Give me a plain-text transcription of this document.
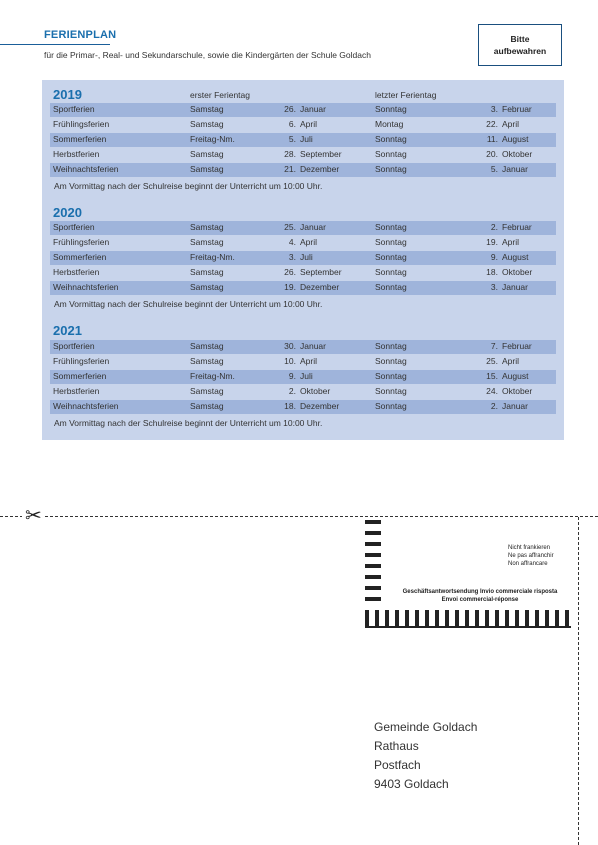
FERIENPLAN
für die Primar-, Real- und Sekundarschule, sowie die Kindergärten der Schule Goldach
Bitte
aufbewahren
2019	erster Ferientag	letzter Ferientag
2020
2021
Sportferien	Samstag	26. Januar	Sonntag	3. Februar
Frühlingsferien	Samstag	6. April	Montag	22. April
Sommerferien	Freitag-Nm.	5. Juli	Sonntag	11. August
Herbstferien	Samstag	28. September	Sonntag	20. Oktober
Weihnachtsferien	Samstag	21. Dezember	Sonntag	5. Januar
Am Vormittag nach der Schulreise beginnt der Unterricht um 10:00 Uhr.
Sportferien	Samstag	25. Januar	Sonntag	2. Februar
Frühlingsferien	Samstag	4. April	Sonntag	19. April
Sommerferien	Freitag-Nm.	3. Juli	Sonntag	9. August
Herbstferien	Samstag	26. September	Sonntag	18. Oktober
Weihnachtsferien	Samstag	19. Dezember	Sonntag	3. Januar
Am Vormittag nach der Schulreise beginnt der Unterricht um 10:00 Uhr.
Sportferien	Samstag	30. Januar	Sonntag	7. Februar
Frühlingsferien	Samstag	10. April	Sonntag	25. April
Sommerferien	Freitag-Nm.	9. Juli	Sonntag	15. August
Herbstferien	Samstag	2. Oktober	Sonntag	24. Oktober
Weihnachtsferien	Samstag	18. Dezember	Sonntag	2. Januar
Am Vormittag nach der Schulreise beginnt der Unterricht um 10:00 Uhr.
✂
Nicht frankieren
Ne pas affranchir
Non affrancare
Geschäftsantwortsendung Invio commerciale risposta
Envoi commercial-réponse
Gemeinde Goldach
Rathaus
Postfach
9403 Goldach
